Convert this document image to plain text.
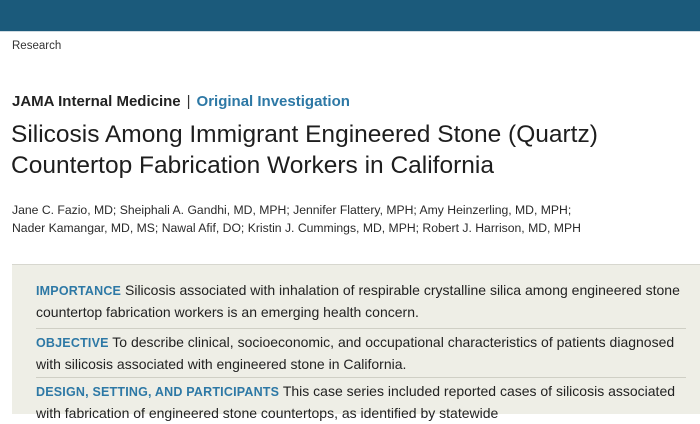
Research
JAMA Internal Medicine | Original Investigation
Silicosis Among Immigrant Engineered Stone (Quartz)
Countertop Fabrication Workers in California
Jane C. Fazio, MD; Sheiphali A. Gandhi, MD, MPH; Jennifer Flattery, MPH; Amy Heinzerling, MD, MPH;
Nader Kamangar, MD, MS; Nawal Afif, DO; Kristin J. Cummings, MD, MPH; Robert J. Harrison, MD, MPH

IMPORTANCE Silicosis associated with inhalation of respirable crystalline silica among engineered stone countertop fabrication workers is an emerging health concern.

OBJECTIVE To describe clinical, socioeconomic, and occupational characteristics of patients diagnosed with silicosis associated with engineered stone in California.

DESIGN, SETTING, AND PARTICIPANTS This case series included reported cases of silicosis associated with fabrication of engineered stone countertops, as identified by statewide
